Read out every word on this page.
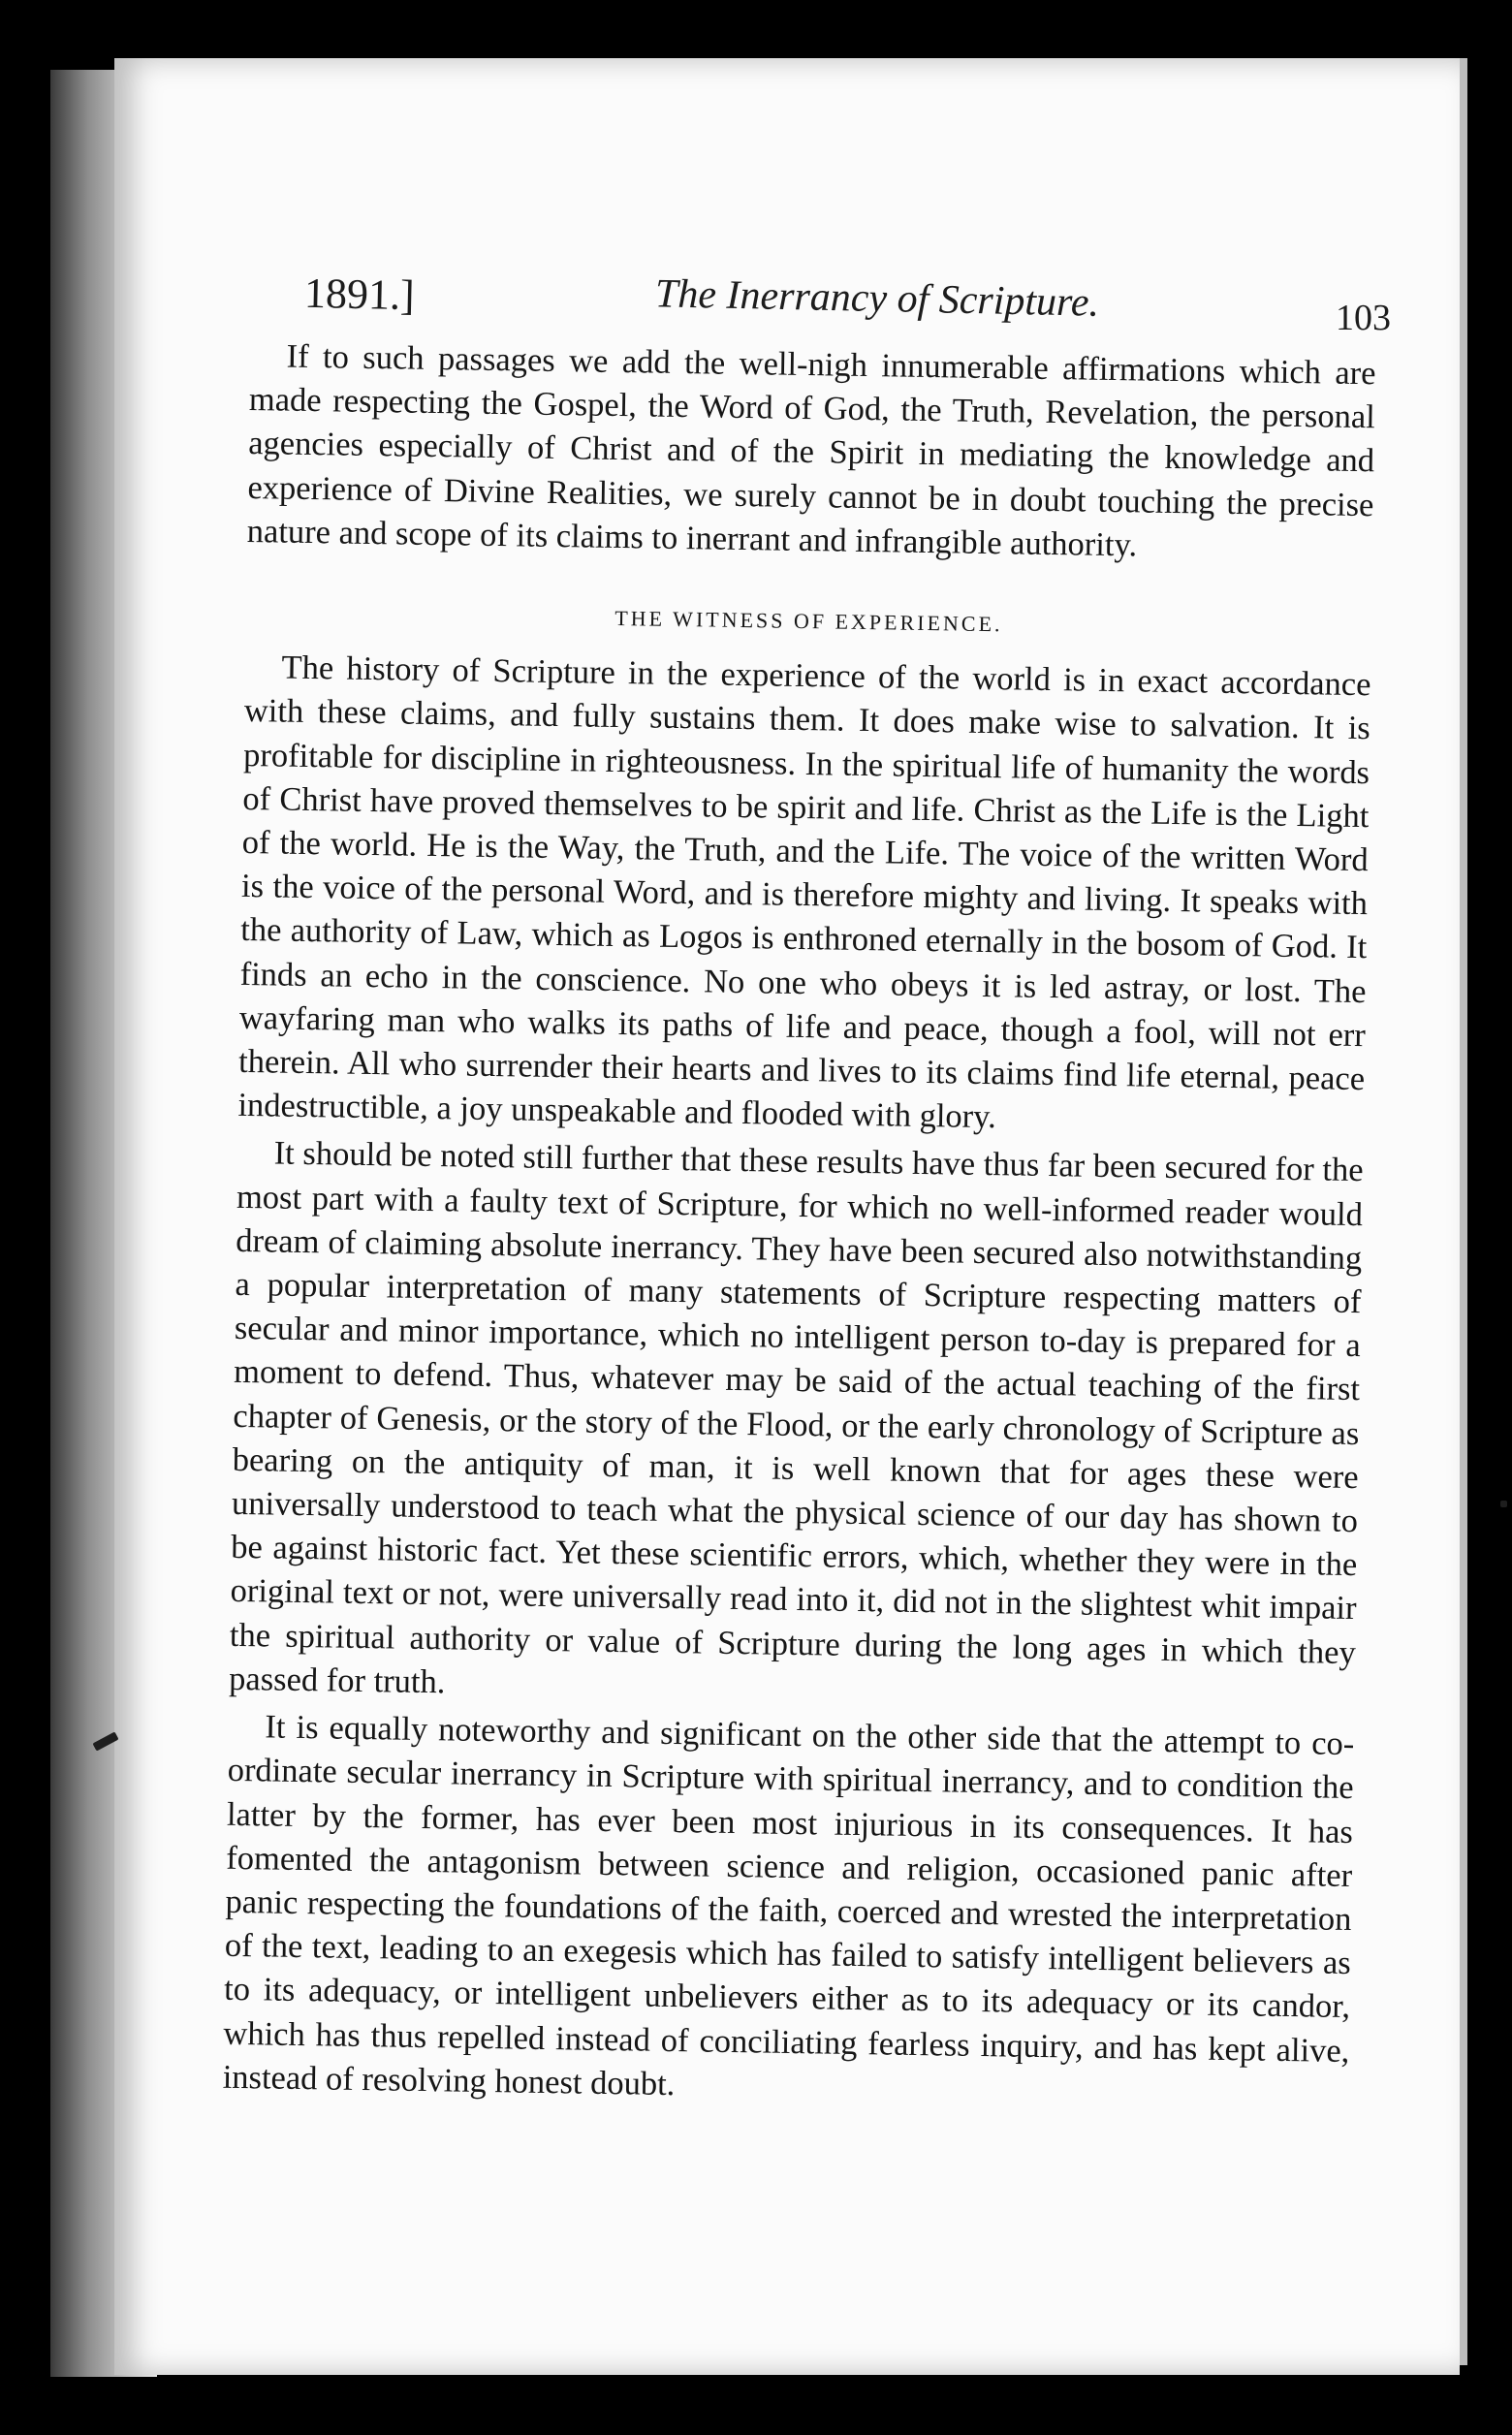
1891.]	The Inerrancy of Scripture.	103

If to such passages we add the well-nigh innumerable affirmations which are made respecting the Gospel, the Word of God, the Truth, Revelation, the personal agencies especially of Christ and of the Spirit in mediating the knowledge and experience of Divine Realities, we surely cannot be in doubt touching the precise nature and scope of its claims to inerrant and infrangible authority.

THE WITNESS OF EXPERIENCE.

The history of Scripture in the experience of the world is in exact accordance with these claims, and fully sustains them. It does make wise to salvation. It is profitable for discipline in righteousness. In the spiritual life of humanity the words of Christ have proved themselves to be spirit and life. Christ as the Life is the Light of the world. He is the Way, the Truth, and the Life. The voice of the written Word is the voice of the personal Word, and is therefore mighty and living. It speaks with the authority of Law, which as Logos is enthroned eternally in the bosom of God. It finds an echo in the conscience. No one who obeys it is led astray, or lost. The wayfaring man who walks its paths of life and peace, though a fool, will not err therein. All who surrender their hearts and lives to its claims find life eternal, peace indestructible, a joy unspeakable and flooded with glory.

It should be noted still further that these results have thus far been secured for the most part with a faulty text of Scripture, for which no well-informed reader would dream of claiming absolute inerrancy. They have been secured also notwithstanding a popular interpretation of many statements of Scripture respecting matters of secular and minor importance, which no intelligent person to-day is prepared for a moment to defend. Thus, whatever may be said of the actual teaching of the first chapter of Genesis, or the story of the Flood, or the early chronology of Scripture as bearing on the antiquity of man, it is well known that for ages these were universally understood to teach what the physical science of our day has shown to be against historic fact. Yet these scientific errors, which, whether they were in the original text or not, were universally read into it, did not in the slightest whit impair the spiritual authority or value of Scripture during the long ages in which they passed for truth.

It is equally noteworthy and significant on the other side that the attempt to co-ordinate secular inerrancy in Scripture with spiritual inerrancy, and to condition the latter by the former, has ever been most injurious in its consequences. It has fomented the antagonism between science and religion, occasioned panic after panic respecting the foundations of the faith, coerced and wrested the interpretation of the text, leading to an exegesis which has failed to satisfy intelligent believers as to its adequacy, or intelligent unbelievers either as to its adequacy or its candor, which has thus repelled instead of conciliating fearless inquiry, and has kept alive, instead of resolving honest doubt.
